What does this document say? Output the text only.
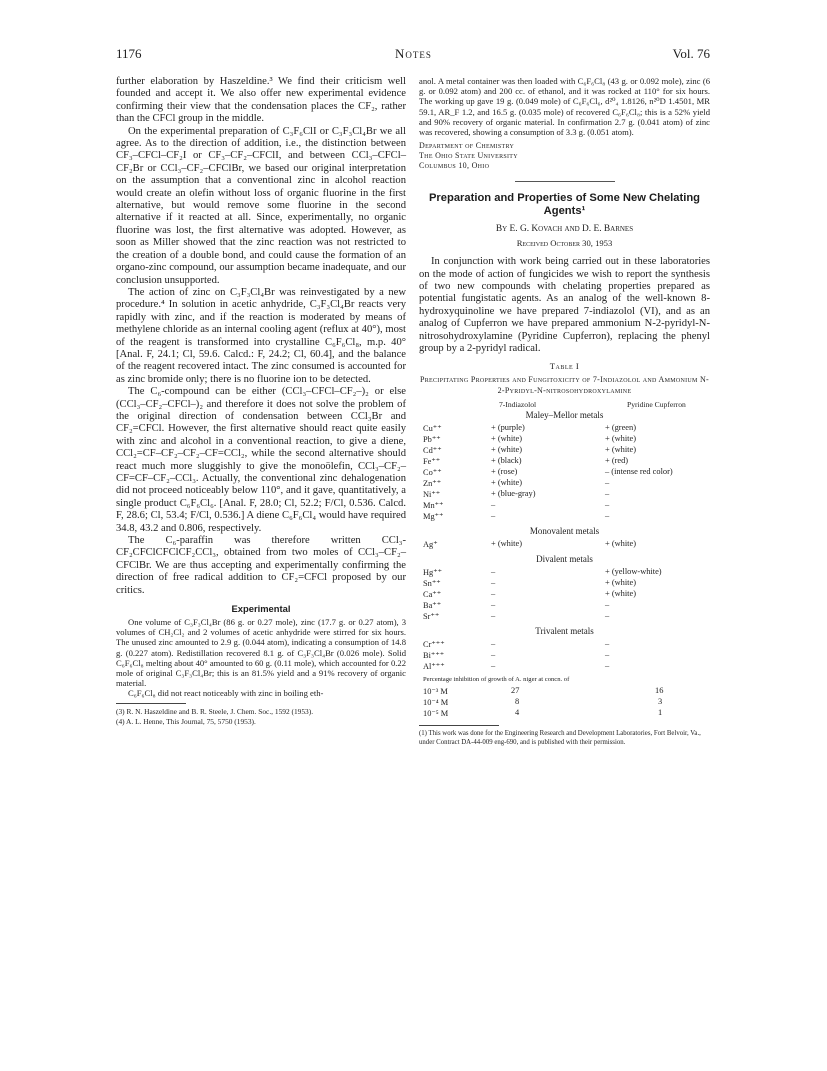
1176	Notes	Vol. 76

further elaboration by Haszeldine.³ We find their criticism well founded and accept it. We also offer new experimental evidence confirming their view that the condensation places the CF₂, rather than the CFCl group in the middle.

On the experimental preparation of C₃F₆ClI or C₃F₃Cl₄Br we all agree. As to the direction of addition, i.e., the distinction between CF₃–CFCl–CF₂I or CF₃–CF₂–CFClI, and between CCl₃–CFCl–CF₂Br or CCl₃–CF₂–CFClBr, we based our original interpretation on the assumption that a conventional zinc in alcohol reaction would create an olefin without loss of organic fluorine in the first alternative, but would remove some fluorine in the second alternative if it reacted at all. Since, experimentally, no organic fluorine was lost, the first alternative was adopted. However, as soon as Miller showed that the zinc reaction was not restricted to the creation of a double bond, and could cause the formation of an organo-zinc compound, our assumption became inadequate, and our conclusion unsupported.

The action of zinc on C₃F₃Cl₄Br was reinvestigated by a new procedure.⁴ In solution in acetic anhydride, C₃F₃Cl₄Br reacts very rapidly with zinc, and if the reaction is moderated by means of methylene chloride as an internal cooling agent (reflux at 40°), most of the reagent is transformed into crystalline C₆F₆Cl₈, m.p. 40° [Anal. F, 24.1; Cl, 59.6. Calcd.: F, 24.2; Cl, 60.4], and the balance of the reagent recovered intact. The zinc consumed is accounted for as zinc bromide only; there is no fluorine ion to be detected.

The C₆-compound can be either (CCl₃–CFCl–CF₂–)₂ or else (CCl₃–CF₂–CFCl–)₂ and therefore it does not solve the problem of the original direction of condensation between CCl₃Br and CF₂=CFCl. However, the first alternative should react quite easily with zinc and alcohol in a conventional reaction, to give a diene, CCl₂=CF–CF₂–CF₂–CF=CCl₂, while the second alternative should react much more sluggishly to give the monoölefin, CCl₃–CF₂–CF=CF–CF₂–CCl₃. Actually, the conventional zinc dehalogenation did not proceed noticeably below 110°, and it gave, quantitatively, a single product C₆F₆Cl₆. [Anal. F, 28.0; Cl, 52.2; F/Cl, 0.536. Calcd. F, 28.6; Cl, 53.4; F/Cl, 0.536.] A diene C₆F₆Cl₄ would have required 34.8, 43.2 and 0.806, respectively.

The C₆-paraffin was therefore written CCl₃-CF₂CFClCFClCF₂CCl₃, obtained from two moles of CCl₃–CF₂–CFClBr. We are thus accepting and experimentally confirming the direction of free radical addition to CF₂=CFCl proposed by our critics.

Experimental

One volume of C₃F₃Cl₄Br (86 g. or 0.27 mole), zinc (17.7 g. or 0.27 atom), 3 volumes of CH₂Cl₂ and 2 volumes of acetic anhydride were stirred for six hours. The unused zinc amounted to 2.9 g. (0.044 atom), indicating a consumption of 14.8 g. (0.227 atom). Redistillation recovered 8.1 g. of C₃F₃Cl₄Br (0.026 mole). Solid C₆F₆Cl₈ melting about 40° amounted to 60 g. (0.11 mole), which accounted for 0.22 mole of original C₃F₃Cl₄Br; this is an 81.5% yield and a 91% recovery of organic material.

C₆F₆Cl₈ did not react noticeably with zinc in boiling eth-

(3) R. N. Haszeldine and B. R. Steele, J. Chem. Soc., 1592 (1953).

(4) A. L. Henne, This Journal, 75, 5750 (1953).

anol. A metal container was then loaded with C₆F₆Cl₈ (43 g. or 0.092 mole), zinc (6 g. or 0.092 atom) and 200 cc. of ethanol, and it was rocked at 110° for six hours. The working up gave 19 g. (0.049 mole) of C₆F₆Cl₆, d²⁰₄ 1.8126, n²⁰D 1.4501, MR 59.1, AR_F 1.2, and 16.5 g. (0.035 mole) of recovered C₆F₆Cl₈; this is a 52% yield and 90% recovery of organic material. In confirmation 2.7 g. (0.041 atom) of zinc was recovered, showing a consumption of 3.3 g. (0.051 atom).

Department of Chemistry
The Ohio State University
Columbus 10, Ohio
Preparation and Properties of Some New Chelating Agents¹
By E. G. Kovach and D. E. Barnes
Received October 30, 1953

In conjunction with work being carried out in these laboratories on the mode of action of fungicides we wish to report the synthesis of two new compounds with chelating properties prepared as potential fungistatic agents. As an analog of the well-known 8-hydroxyquinoline we have prepared 7-indiazolol (VI), and as an analog of Cupferron we have prepared ammonium N-2-pyridyl-N-nitrosohydroxylamine (Pyridine Cupferron), replacing the phenyl group by a 2-pyridyl radical.

Table I
Precipitating Properties and Fungitoxicity of 7-Indiazolol and Ammonium N-2-Pyridyl-N-nitrosohydroxylamine
	7-Indiazolol	Pyridine Cupferron
Maley–Mellor metals		
Cu⁺⁺	+ (purple)	+ (green)
Pb⁺⁺	+ (white)	+ (white)
Cd⁺⁺	+ (white)	+ (white)
Fe⁺⁺	+ (black)	+ (red)
Co⁺⁺	+ (rose)	– (intense red color)
Zn⁺⁺	+ (white)	–
Ni⁺⁺	+ (blue-gray)	–
Mn⁺⁺	–	–
Mg⁺⁺	–	–
Monovalent metals		
Ag⁺	+ (white)	+ (white)
Divalent metals		
Hg⁺⁺	–	+ (yellow-white)
Sn⁺⁺	–	+ (white)
Ca⁺⁺	–	+ (white)
Ba⁺⁺	–	–
Sr⁺⁺	–	–
Trivalent metals		
Cr⁺⁺⁺	–	–
Bi⁺⁺⁺	–	–
Al⁺⁺⁺	–	–

Percentage inhibition of growth of A. niger at concn. of		
10⁻³ M	27	16
10⁻⁴ M	8	3
10⁻⁵ M	4	1

(1) This work was done for the Engineering Research and Development Laboratories, Fort Belvoir, Va., under Contract DA-44-009 eng-690, and is published with their permission.
